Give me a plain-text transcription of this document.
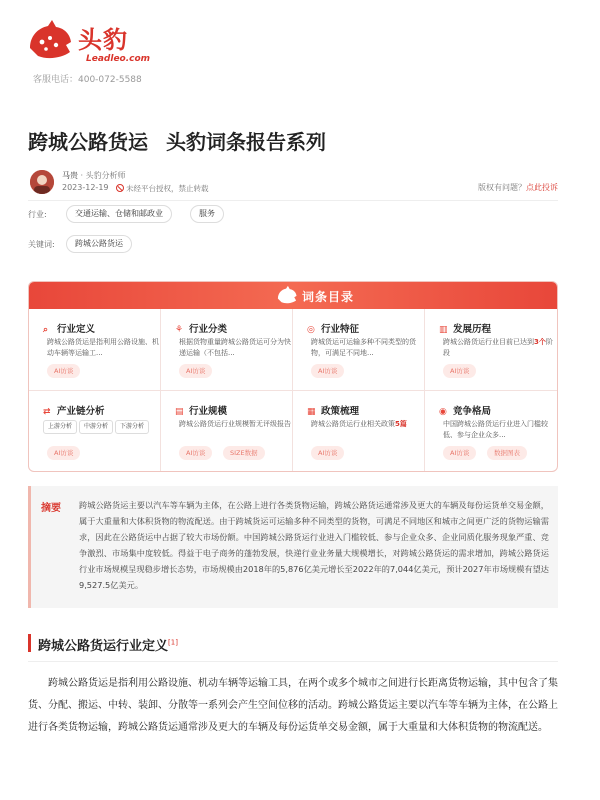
头豹
Leadleo.com
客服电话：400-072-5588
跨城公路货运 头豹词条报告系列
马贵 · 头豹分析师
2023-12-19	未经平台授权，禁止转载	版权有问题？点此投诉
行业:	交通运输、仓储和邮政业	服务
关键词:	跨城公路货运
词条目录
⌕ 行业定义
跨城公路货运是指利用公路设施、机动车辆等运输工...
AI访谈
⚘ 行业分类
根据货物重量跨城公路货运可分为快递运输（不包括...
AI访谈
◎ 行业特征
跨城货运可运输多种不同类型的货物，可满足不同地...
AI访谈
▥ 发展历程
跨城公路货运行业目前已达到3个阶段
AI访谈
⇄ 产业链分析
上游分析	中游分析	下游分析
AI访谈
▤ 行业规模
跨城公路货运行业规模暂无评级报告
AI访谈	SIZE数据
▦ 政策梳理
跨城公路货运行业相关政策5篇
AI访谈
◉ 竞争格局
中国跨城公路货运行业进入门槛较低、参与企业众多...
AI访谈	数据图表
摘要 跨城公路货运主要以汽车等车辆为主体，在公路上进行各类货物运输，跨城公路货运通常涉及更大的车辆及每份运货单交易金额，属于大重量和大体积货物的物流配送。由于跨城货运可运输多种不同类型的货物，可满足不同地区和城市之间更广泛的货物运输需求，因此在公路货运中占据了较大市场份额。中国跨城公路货运行业进入门槛较低、参与企业众多、企业同质化服务现象严重、竞争激烈、市场集中度较低。得益于电子商务的蓬勃发展，快递行业业务量大规模增长，对跨城公路货运的需求增加，跨城公路货运行业市场规模呈现稳步增长态势，市场规模由2018年的5,876亿美元增长至2022年的7,044亿美元，预计2027年市场规模有望达9,527.5亿美元。
跨城公路货运行业定义[1]
跨城公路货运是指利用公路设施、机动车辆等运输工具，在两个或多个城市之间进行长距离货物运输，其中包含了集货、分配、搬运、中转、装卸、分散等一系列会产生空间位移的活动。跨城公路货运主要以汽车等车辆为主体，在公路上进行各类货物运输，跨城公路货运通常涉及更大的车辆及每份运货单交易金额，属于大重量和大体积货物的物流配送。
